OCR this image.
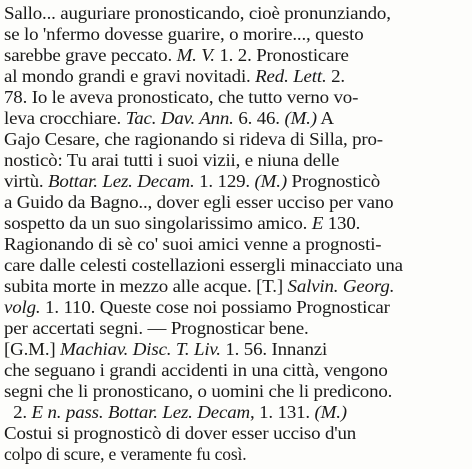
Sallo... auguriare pronosticando, cioè pronunziando,
se lo 'nfermo dovesse guarire, o morire..., questo
sarebbe grave peccato. M. V. 1. 2. Pronosticare
al mondo grandi e gravi novitadi. Red. Lett. 2.
78. Io le aveva pronosticato, che tutto verno vo-
leva crocchiare. Tac. Dav. Ann. 6. 46. (M.) A
Gajo Cesare, che ragionando si rideva di Silla, pro-
nosticò: Tu arai tutti i suoi vizii, e niuna delle
virtù. Bottar. Lez. Decam. 1. 129. (M.) Prognosticò
a Guido da Bagno.., dover egli esser ucciso per vano
sospetto da un suo singolarissimo amico. E 130.
Ragionando di sè co' suoi amici venne a prognosti-
care dalle celesti costellazioni essergli minacciato una
subita morte in mezzo alle acque. [T.] Salvin. Georg.
volg. 1. 110. Queste cose noi possiamo Prognosticar
per accertati segni. — Prognosticar bene.
[G.M.] Machiav. Disc. T. Liv. 1. 56. Innanzi
che seguano i grandi accidenti in una città, vengono
segni che li pronosticano, o uomini che li predicono.
2. E n. pass. Bottar. Lez. Decam, 1. 131. (M.)
Costui si prognosticò di dover esser ucciso d'un
colpo di scure, e veramente fu così.
